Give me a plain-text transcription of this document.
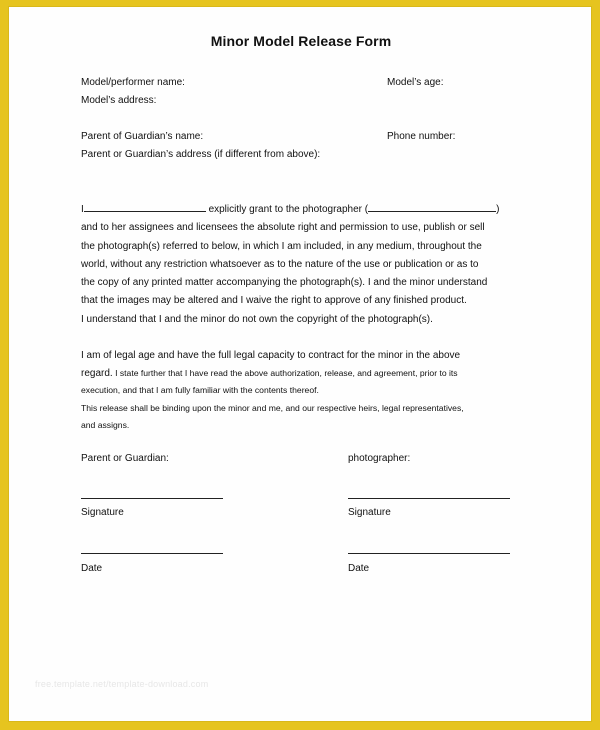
Minor Model Release Form
Model/performer name:	Model’s age:
Model’s address:
Parent of Guardian’s name:	Phone number:
Parent or Guardian’s address (if different from above):
I	explicitly grant to the photographer (	)
and to her assignees and licensees the absolute right and permission to use, publish or sell
the photograph(s) referred to below, in which I am included, in any medium, throughout the
world, without any restriction whatsoever as to the nature of the use or publication or as to
the copy of any printed matter accompanying the photograph(s). I and the minor understand
that the images may be altered and I waive the right to approve of any finished product.
I understand that I and the minor do not own the copyright of the photograph(s).
I am of legal age and have the full legal capacity to contract for the minor in the above
regard. I state further that I have read the above authorization, release, and agreement, prior to its
execution, and that I am fully familiar with the contents thereof.
This release shall be binding upon the minor and me, and our respective heirs, legal representatives,
and assigns.
Parent or Guardian:	photographer:
Signature	Signature
Date	Date
free.template.net/template-download.com
